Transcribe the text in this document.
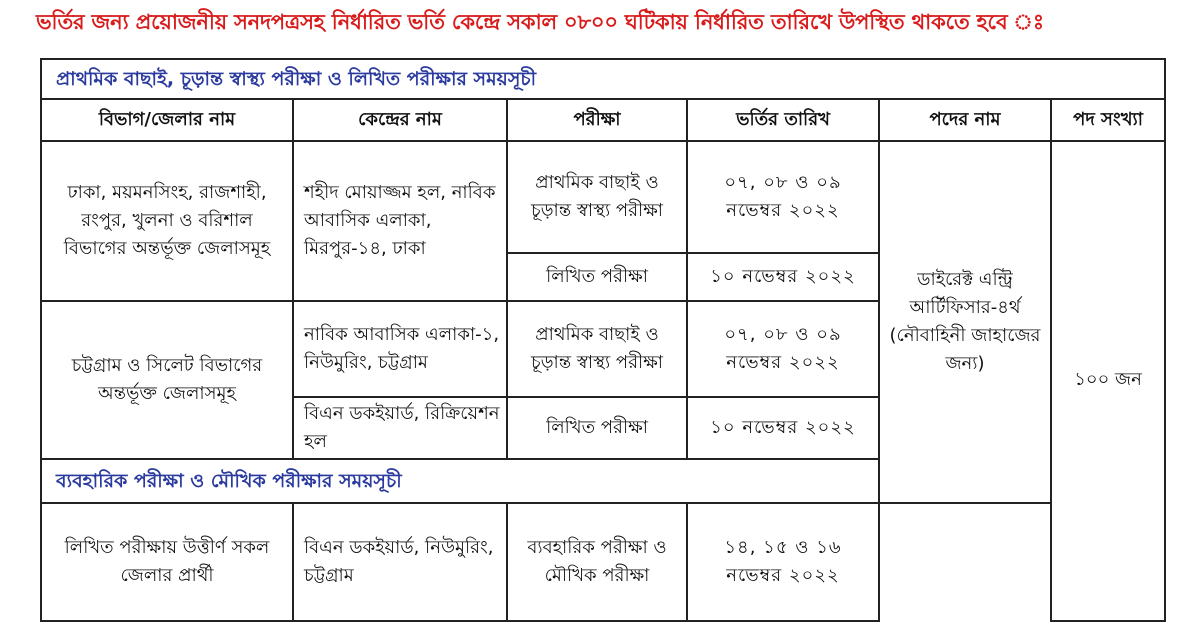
ভর্তির জন্য প্রয়োজনীয় সনদপত্রসহ নির্ধারিত ভর্তি কেন্দ্রে সকাল ০৮০০ ঘটিকায় নির্ধারিত তারিখে উপস্থিত থাকতে হবে ঃ
প্রাথমিক বাছাই, চূড়ান্ত স্বাস্থ্য পরীক্ষা ও লিখিত পরীক্ষার সময়সূচী					
বিভাগ/জেলার নাম	কেন্দ্রের নাম	পরীক্ষা	ভর্তির তারিখ	পদের নাম	পদ সংখ্যা
ঢাকা, ময়মনসিংহ, রাজশাহী, রংপুর, খুলনা ও বরিশাল বিভাগের অন্তর্ভূক্ত জেলাসমূহ	শহীদ মোয়াজ্জম হল, নাবিক আবাসিক এলাকা, মিরপুর-১৪, ঢাকা	প্রাথমিক বাছাই ও চূড়ান্ত স্বাস্থ্য পরীক্ষা	০৭, ০৮ ও ০৯ নভেম্বর ২০২২	ডাইরেক্ট এন্ট্রি আর্টিফিসার-৪র্থ (নৌবাহিনী জাহাজের জন্য)	১০০ জন
		লিখিত পরীক্ষা	১০ নভেম্বর ২০২২		
চট্টগ্রাম ও সিলেট বিভাগের অন্তর্ভূক্ত জেলাসমূহ	নাবিক আবাসিক এলাকা-১, নিউমুরিং, চট্টগ্রাম	প্রাথমিক বাছাই ও চূড়ান্ত স্বাস্থ্য পরীক্ষা	০৭, ০৮ ও ০৯ নভেম্বর ২০২২		
	বিএন ডকইয়ার্ড, রিক্রিয়েশন হল	লিখিত পরীক্ষা	১০ নভেম্বর ২০২২		
ব্যবহারিক পরীক্ষা ও মৌখিক পরীক্ষার সময়সূচী					
লিখিত পরীক্ষায় উত্তীর্ণ সকল জেলার প্রার্থী	বিএন ডকইয়ার্ড, নিউমুরিং, চট্টগ্রাম	ব্যবহারিক পরীক্ষা ও মৌখিক পরীক্ষা	১৪, ১৫ ও ১৬ নভেম্বর ২০২২		
